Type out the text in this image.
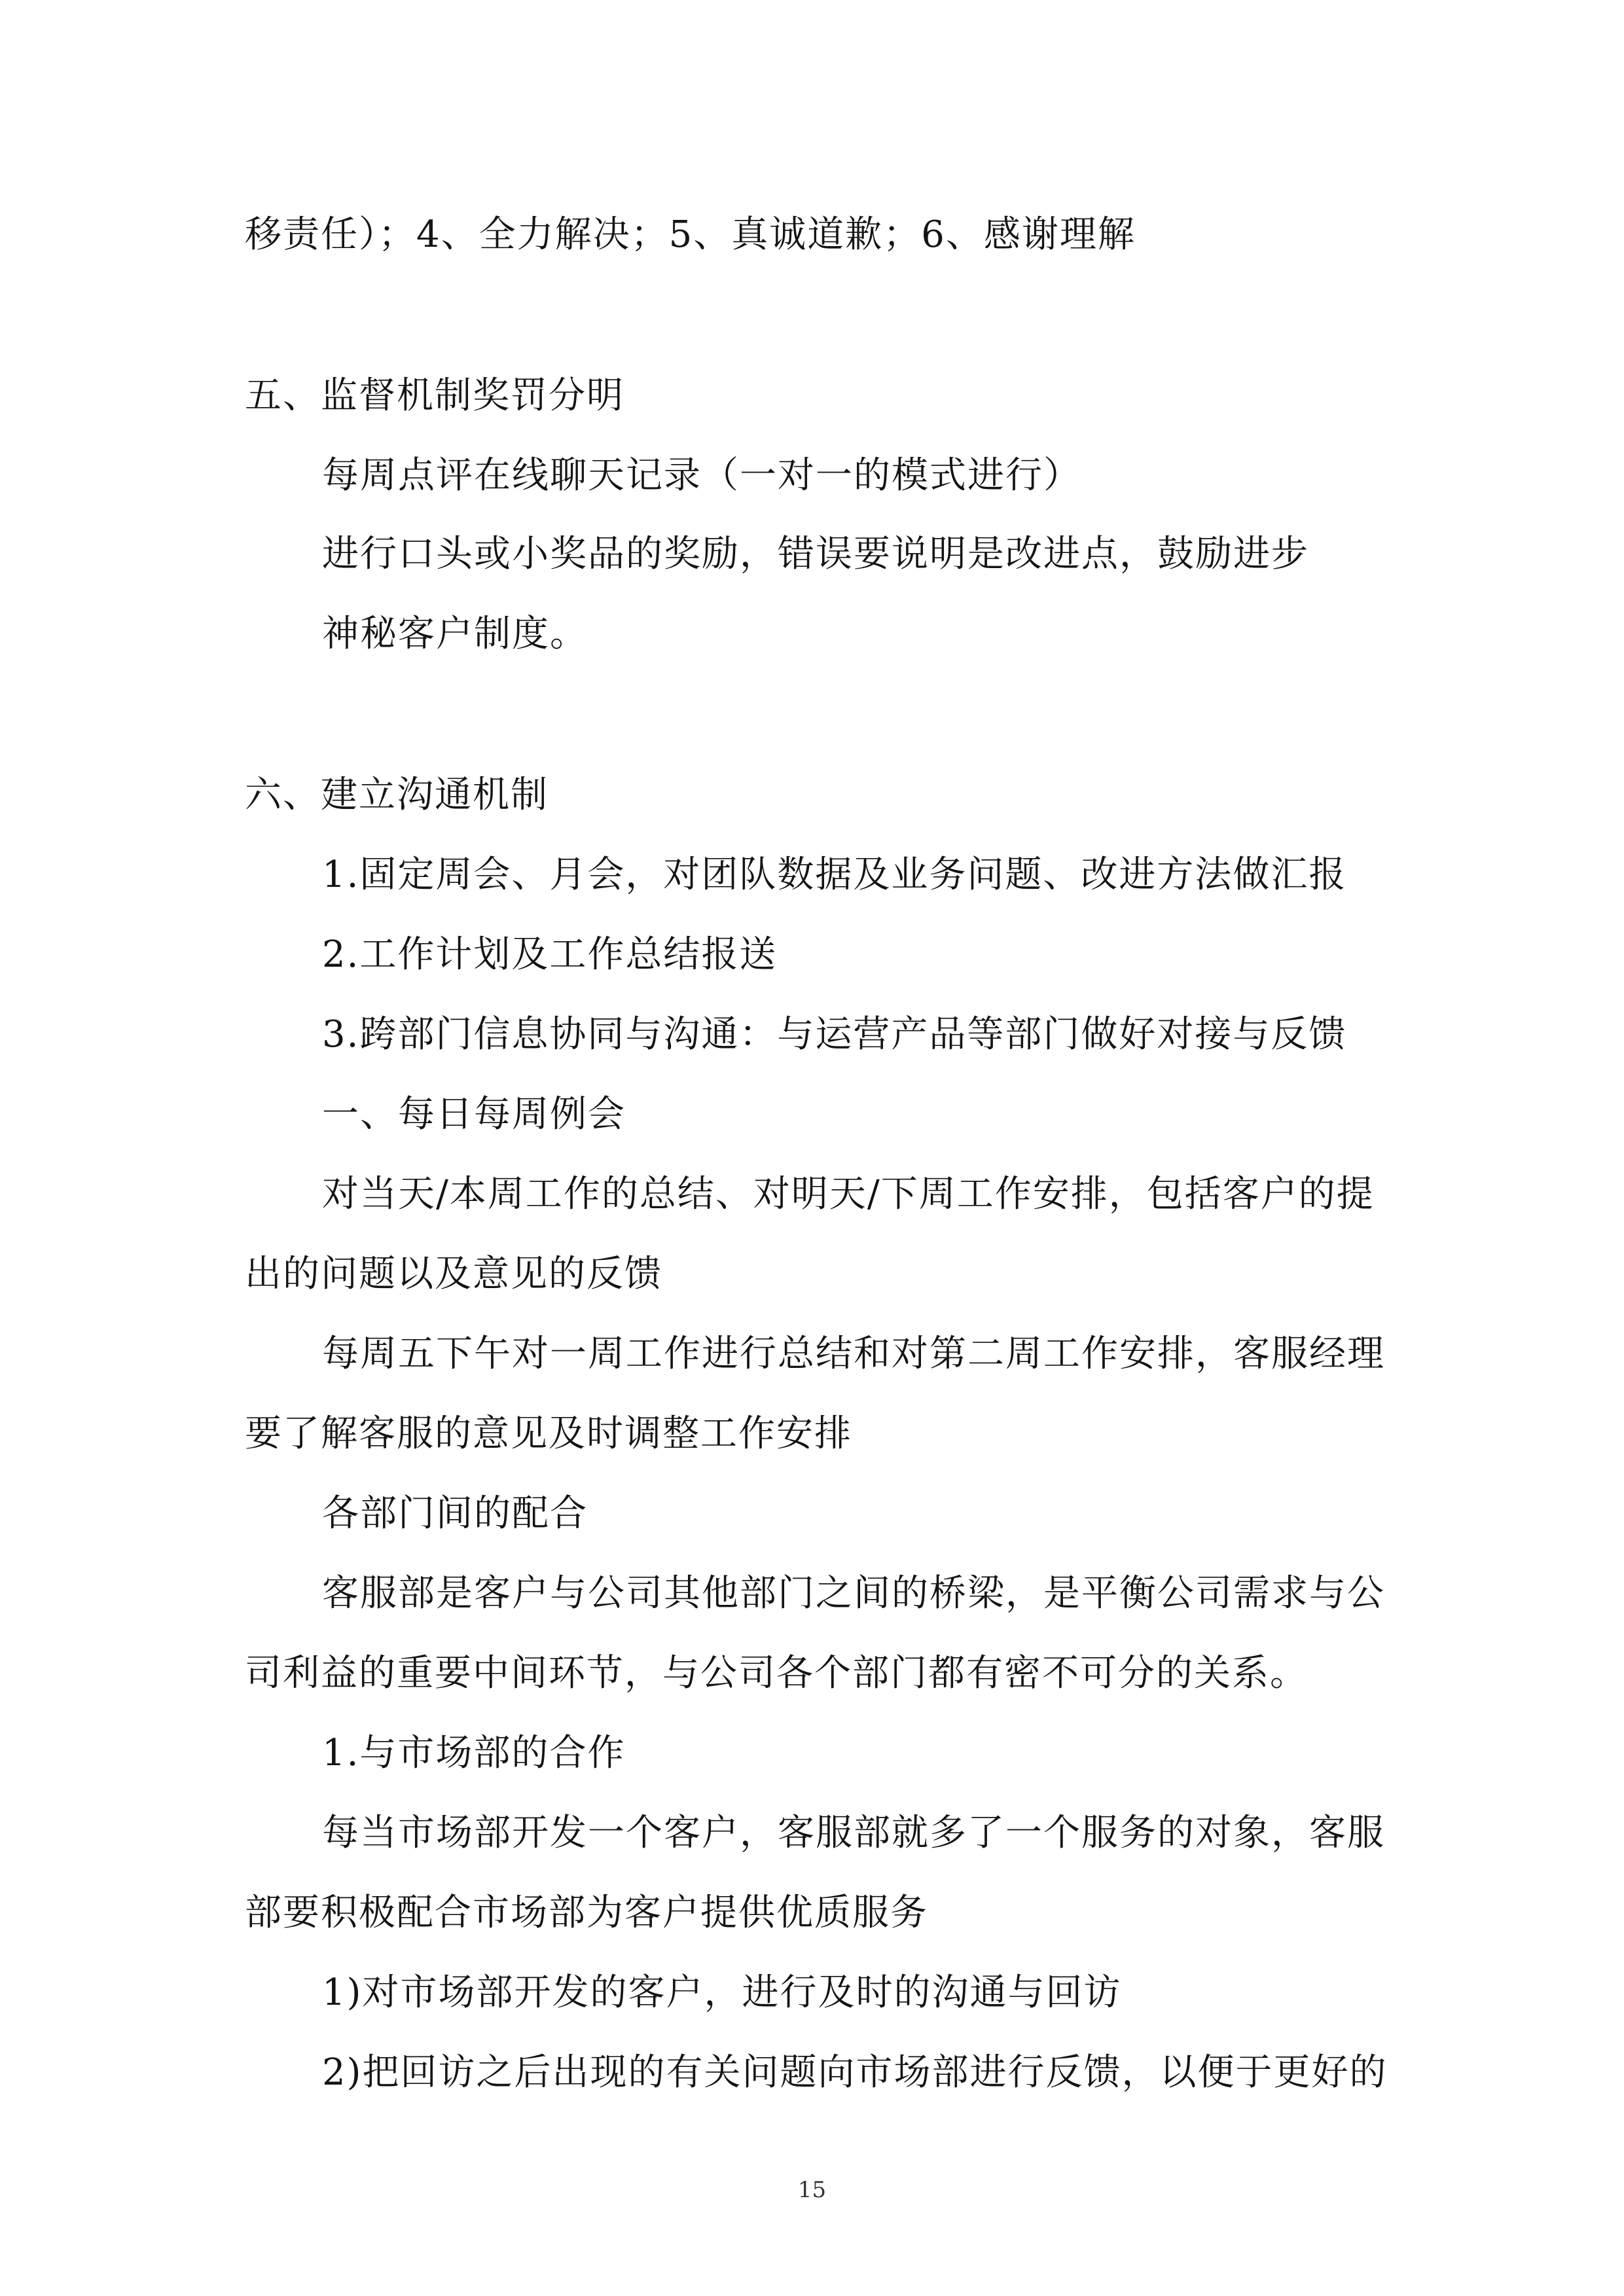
移责任）；4、全力解决；5、真诚道歉；6、感谢理解
五、监督机制奖罚分明
每周点评在线聊天记录（一对一的模式进行）
进行口头或小奖品的奖励，错误要说明是改进点，鼓励进步
神秘客户制度。
六、建立沟通机制
1.固定周会、月会，对团队数据及业务问题、改进方法做汇报
2.工作计划及工作总结报送
3.跨部门信息协同与沟通：与运营产品等部门做好对接与反馈
一、每日每周例会
对当天/本周工作的总结、对明天/下周工作安排，包括客户的提
出的问题以及意见的反馈
每周五下午对一周工作进行总结和对第二周工作安排，客服经理
要了解客服的意见及时调整工作安排
各部门间的配合
客服部是客户与公司其他部门之间的桥梁，是平衡公司需求与公
司利益的重要中间环节，与公司各个部门都有密不可分的关系。
1.与市场部的合作
每当市场部开发一个客户，客服部就多了一个服务的对象，客服
部要积极配合市场部为客户提供优质服务
1)对市场部开发的客户，进行及时的沟通与回访
2)把回访之后出现的有关问题向市场部进行反馈，以便于更好的
15
